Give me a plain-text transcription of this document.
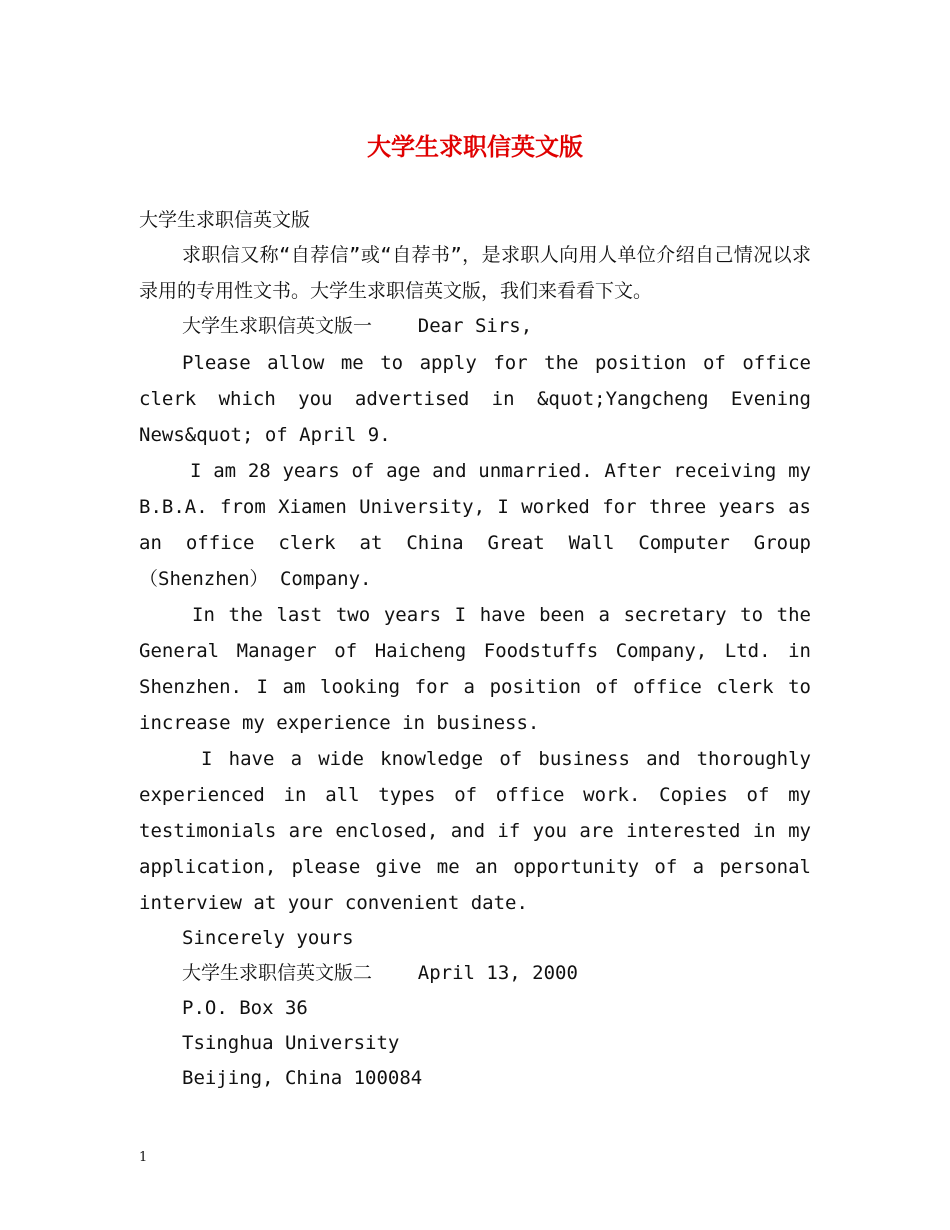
大学生求职信英文版
大学生求职信英文版
求职信又称“自荐信”或“自荐书”，是求职人向用人单位介绍自己情况以求录用的专用性文书。大学生求职信英文版，我们来看看下文。
大学生求职信英文版一 Dear Sirs,
Please allow me to apply for the position of office clerk which you advertised in &quot;Yangcheng Evening News&quot; of April 9.
I am 28 years of age and unmarried. After receiving my B.B.A. from Xiamen University, I worked for three years as an office clerk at China Great Wall Computer Group （Shenzhen） Company.
In the last two years I have been a secretary to the General Manager of Haicheng Foodstuffs Company, Ltd. in Shenzhen. I am looking for a position of office clerk to increase my experience in business.
I have a wide knowledge of business and thoroughly experienced in all types of office work. Copies of my testimonials are enclosed, and if you are interested in my application, please give me an opportunity of a personal interview at your convenient date.
Sincerely yours
大学生求职信英文版二 April 13, 2000
P.O. Box 36
Tsinghua University
Beijing, China 100084
1
